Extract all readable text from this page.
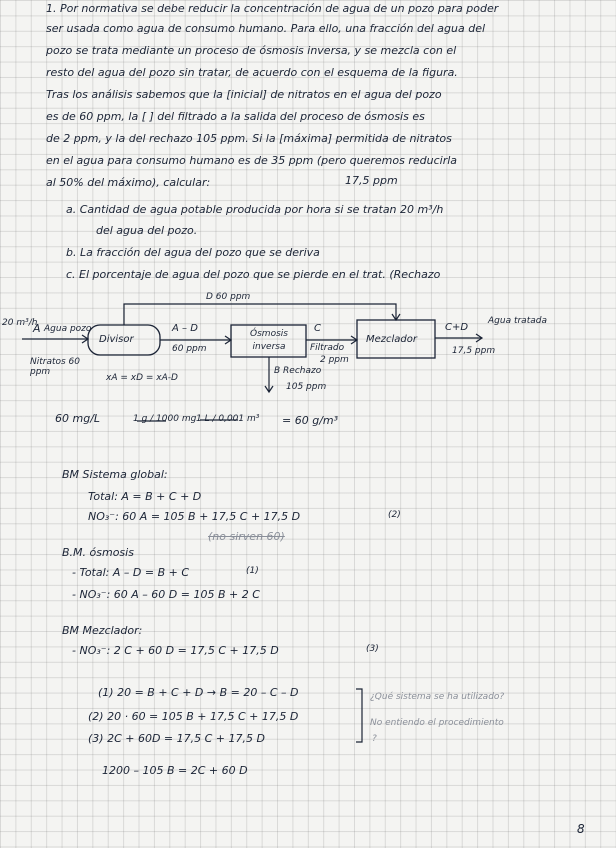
1. Por normativa se debe reducir la concentración de agua de un pozo para poder
ser usada como agua de consumo humano. Para ello, una fracción del agua del
pozo se trata mediante un proceso de ósmosis inversa, y se mezcla con el
resto del agua del pozo sin tratar, de acuerdo con el esquema de la figura.
Tras los análisis sabemos que la [inicial] de nitratos en el agua del pozo
es de 60 ppm, la [ ] del filtrado a la salida del proceso de ósmosis es
de 2 ppm, y la del rechazo 105 ppm. Si la [máxima] permitida de nitratos
en el agua para consumo humano es de 35 ppm (pero queremos reducirla
al 50% del máximo), calcular:	17,5 ppm
a. Cantidad de agua potable producida por hora si se tratan 20 m³/h
del agua del pozo.
b. La fracción del agua del pozo que se deriva
c. El porcentaje de agua del pozo que se pierde en el trat. (Rechazo
20 m³/h
A Agua pozo
Nitratos 60 ppm
Divisor
A – D
60 ppm
Ósmosis inversa
C
Filtrado
2 ppm
Mezclador
C+D
Agua tratada
17,5 ppm
D 60 ppm
B Rechazo
105 ppm
xA = xD = xA-D
60 mg/L	1 g / 1000 mg 1 L / 0,001 m³ = 60 g/m³
BM Sistema global:
Total: A = B + C + D
NO₃⁻: 60 A = 105 B + 17,5 C + 17,5 D	(2)
(no sirven 60)
B.M. ósmosis
- Total: A – D = B + C	(1)
- NO₃⁻: 60 A – 60 D = 105 B + 2 C
BM Mezclador:
- NO₃⁻: 2 C + 60 D = 17,5 C + 17,5 D	(3)
(1) 20 = B + C + D → B = 20 – C – D
(2) 20 · 60 = 105 B + 17,5 C + 17,5 D
(3) 2C + 60D = 17,5 C + 17,5 D
¿Qué sistema se ha utilizado?
No entiendo el procedimiento
?
1200 – 105 B = 2C + 60 D
8
